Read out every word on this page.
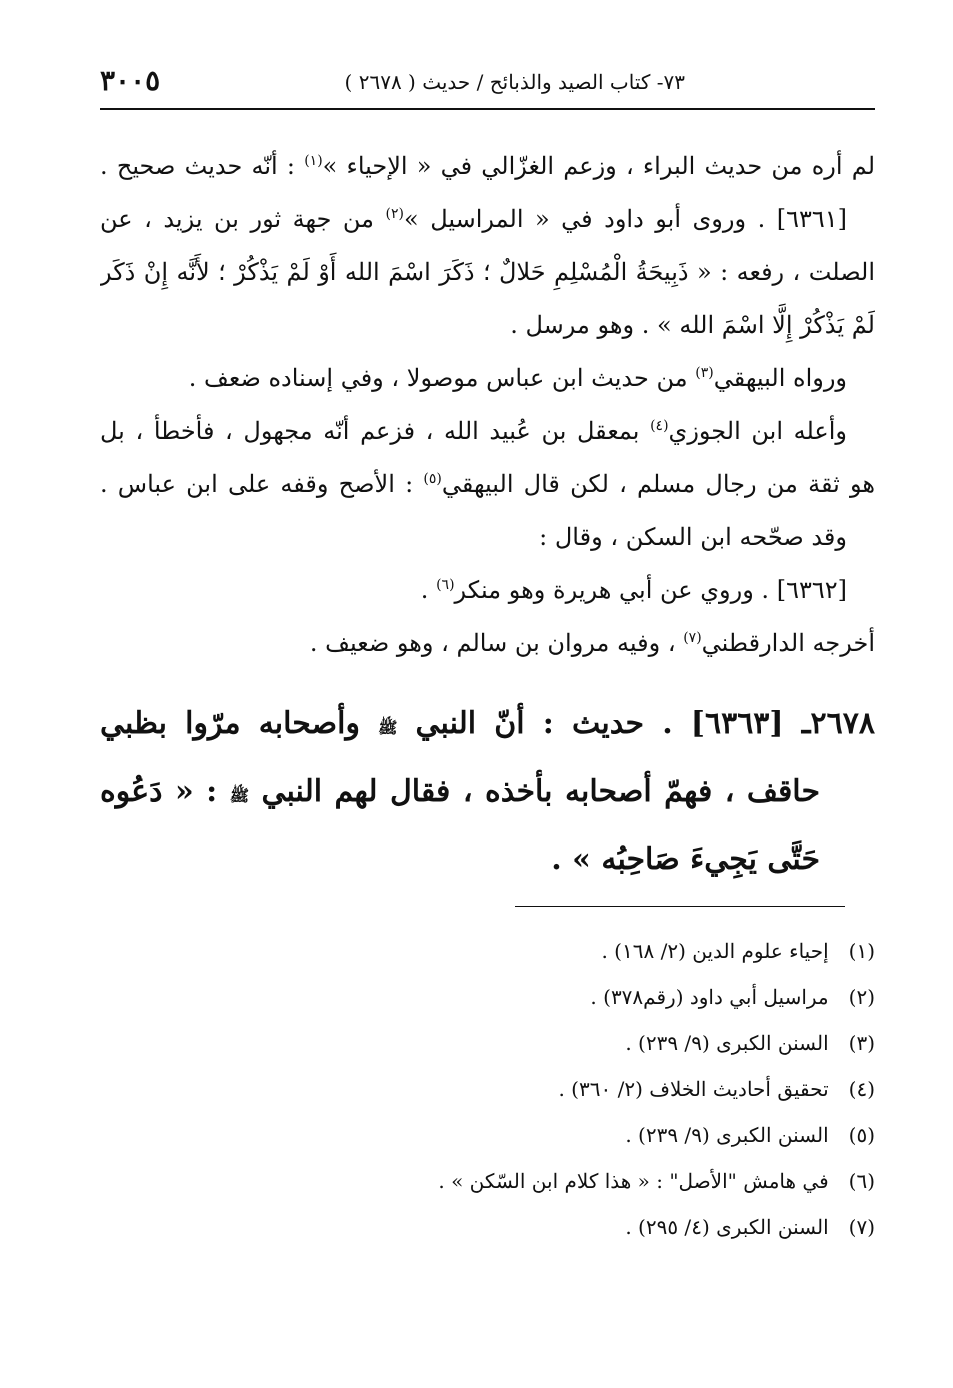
٧٣- كتاب الصيد والذبائح / حديث ( ٢٦٧٨ )
٣٠٠٥
لم أره من حديث البراء ، وزعم الغزّالي في « الإحياء »$^{(١)}$ : أنّه حديث صحيح .
[٦٣٦١] . وروى أبو داود في « المراسيل »$^{(٢)}$ من جهة ثور بن يزيد ، عن
الصلت ، رفعه : « ذَبِيحَةُ الْمُسْلِمِ حَلالٌ ؛ ذَكَرَ اسْمَ الله أَوْ لَمْ يَذْكُرْ ؛ لأَنَّه إِنْ ذَكَر
لَمْ يَذْكُرْ إِلَّا اسْمَ الله » . وهو مرسل .
ورواه البيهقي$^{(٣)}$ من حديث ابن عباس موصولا ، وفي إسناده ضعف .
وأعله ابن الجوزي$^{(٤)}$ بمعقل بن عُبيد الله ، فزعم أنّه مجهول ، فأخطأ ، بل
هو ثقة من رجال مسلم ، لكن قال البيهقي$^{(٥)}$ : الأصح وقفه على ابن عباس .
وقد صحّحه ابن السكن ، وقال :
[٦٣٦٢] . وروي عن أبي هريرة وهو منكر$^{(٦)}$ .
أخرجه الدارقطني$^{(٧)}$ ، وفيه مروان بن سالم ، وهو ضعيف .
٢٦٧٨ـ [٦٣٦٣] . حديث : أنّ النبي ﷺ وأصحابه مرّوا بظبي
حاقف ، فهمّ أصحابه بأخذه ، فقال لهم النبي ﷺ : « دَعُوه
حَتَّى يَجِيءَ صَاحِبُه » .
(١) إحياء علوم الدين (٢/ ١٦٨) .
(٢) مراسيل أبي داود (رقم٣٧٨) .
(٣) السنن الكبرى (٩/ ٢٣٩) .
(٤) تحقيق أحاديث الخلاف (٢/ ٣٦٠) .
(٥) السنن الكبرى (٩/ ٢٣٩) .
(٦) في هامش "الأصل" : « هذا كلام ابن السّكن » .
(٧) السنن الكبرى (٤/ ٢٩٥) .
